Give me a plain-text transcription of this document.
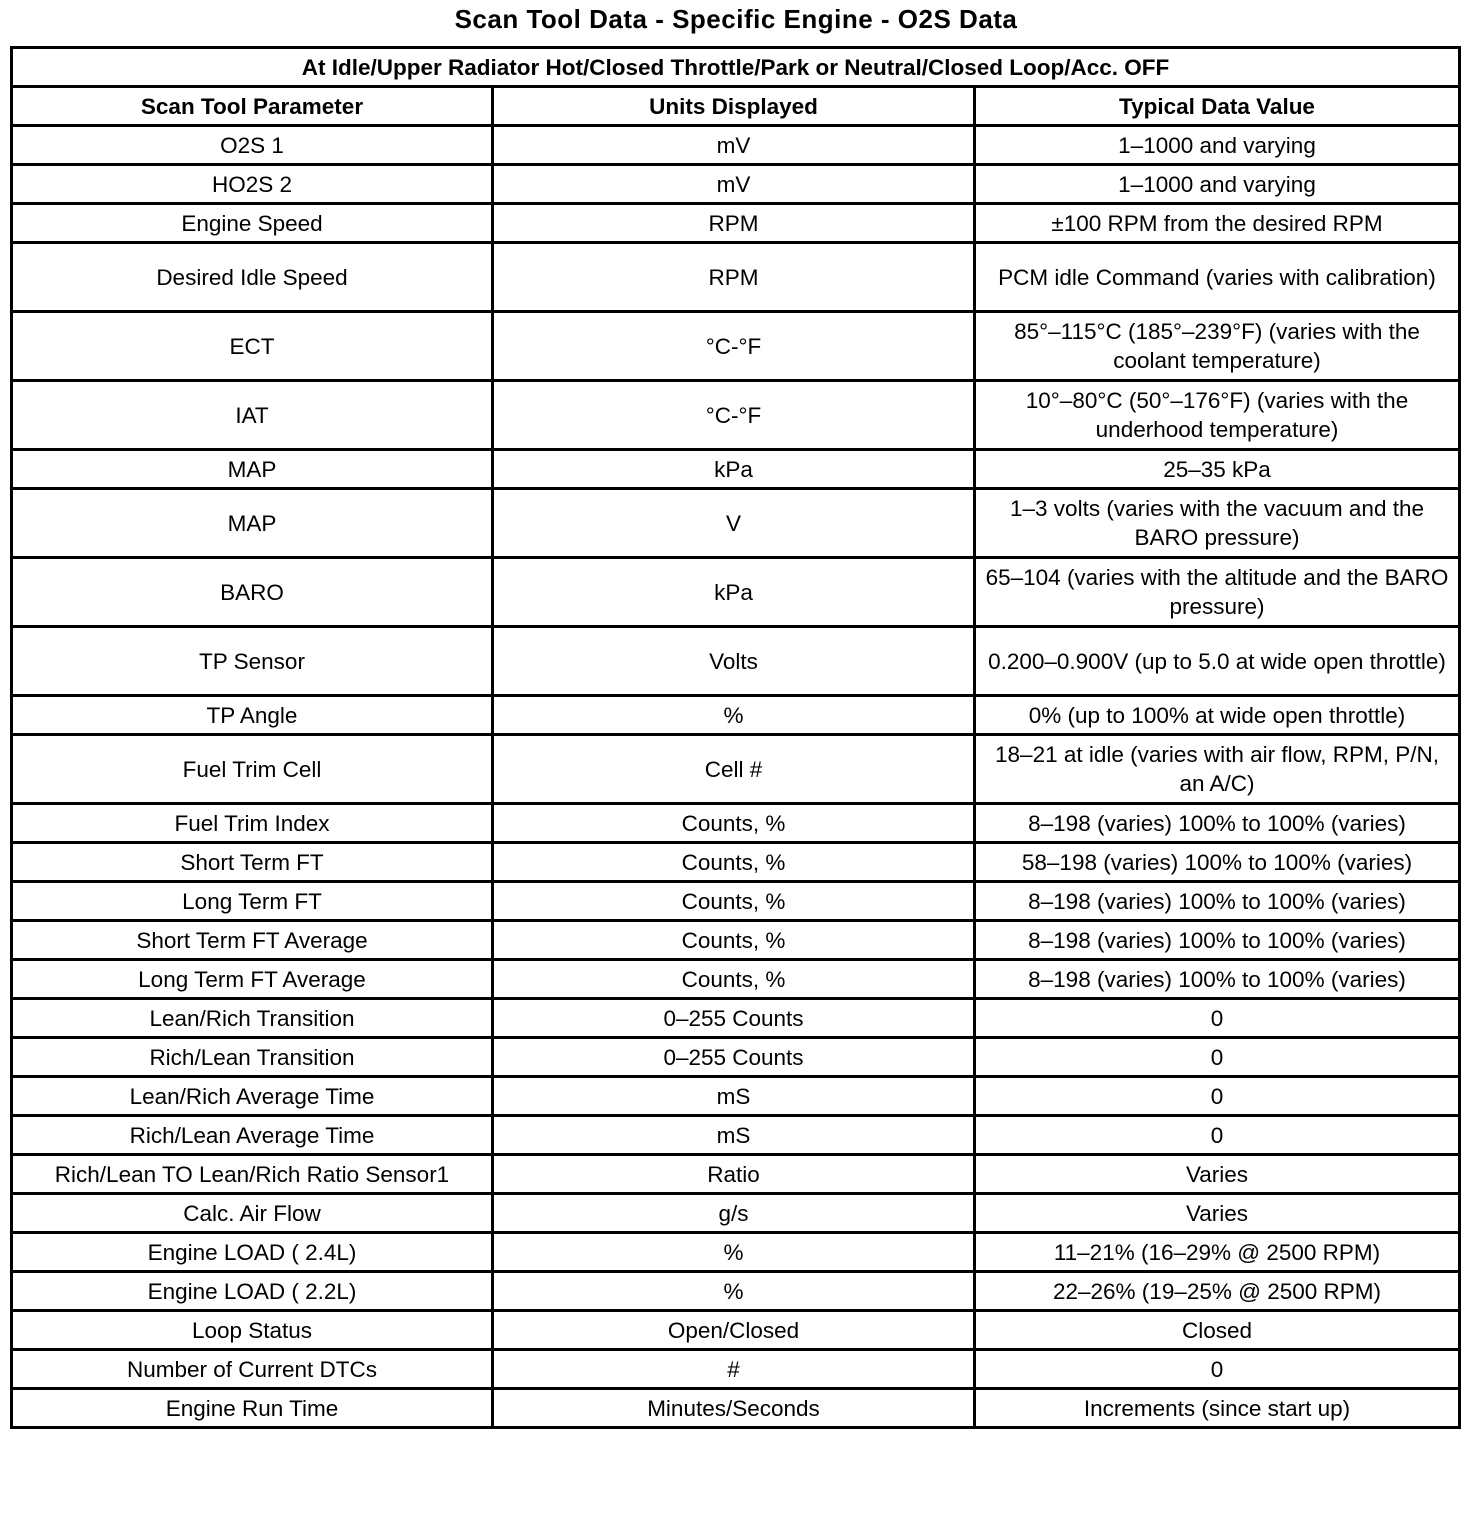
Scan Tool Data - Specific Engine - O2S Data
At Idle/Upper Radiator Hot/Closed Throttle/Park or Neutral/Closed Loop/Acc. OFF		
Scan Tool Parameter	Units Displayed	Typical Data Value
O2S 1	mV	1–1000 and varying
HO2S 2	mV	1–1000 and varying
Engine Speed	RPM	±100 RPM from the desired RPM
Desired Idle Speed	RPM	PCM idle Command (varies with calibration)
ECT	°C-°F	85°–115°C (185°–239°F) (varies with the coolant temperature)
IAT	°C-°F	10°–80°C (50°–176°F) (varies with the underhood temperature)
MAP	kPa	25–35 kPa
MAP	V	1–3 volts (varies with the vacuum and the BARO pressure)
BARO	kPa	65–104 (varies with the altitude and the BARO pressure)
TP Sensor	Volts	0.200–0.900V (up to 5.0 at wide open throttle)
TP Angle	%	0% (up to 100% at wide open throttle)
Fuel Trim Cell	Cell #	18–21 at idle (varies with air flow, RPM, P/N, an A/C)
Fuel Trim Index	Counts, %	8–198 (varies) 100% to 100% (varies)
Short Term FT	Counts, %	58–198 (varies) 100% to 100% (varies)
Long Term FT	Counts, %	8–198 (varies) 100% to 100% (varies)
Short Term FT Average	Counts, %	8–198 (varies) 100% to 100% (varies)
Long Term FT Average	Counts, %	8–198 (varies) 100% to 100% (varies)
Lean/Rich Transition	0–255 Counts	0
Rich/Lean Transition	0–255 Counts	0
Lean/Rich Average Time	mS	0
Rich/Lean Average Time	mS	0
Rich/Lean TO Lean/Rich Ratio Sensor1	Ratio	Varies
Calc. Air Flow	g/s	Varies
Engine LOAD ( 2.4L)	%	11–21% (16–29% @ 2500 RPM)
Engine LOAD ( 2.2L)	%	22–26% (19–25% @ 2500 RPM)
Loop Status	Open/Closed	Closed
Number of Current DTCs	#	0
Engine Run Time	Minutes/Seconds	Increments (since start up)
